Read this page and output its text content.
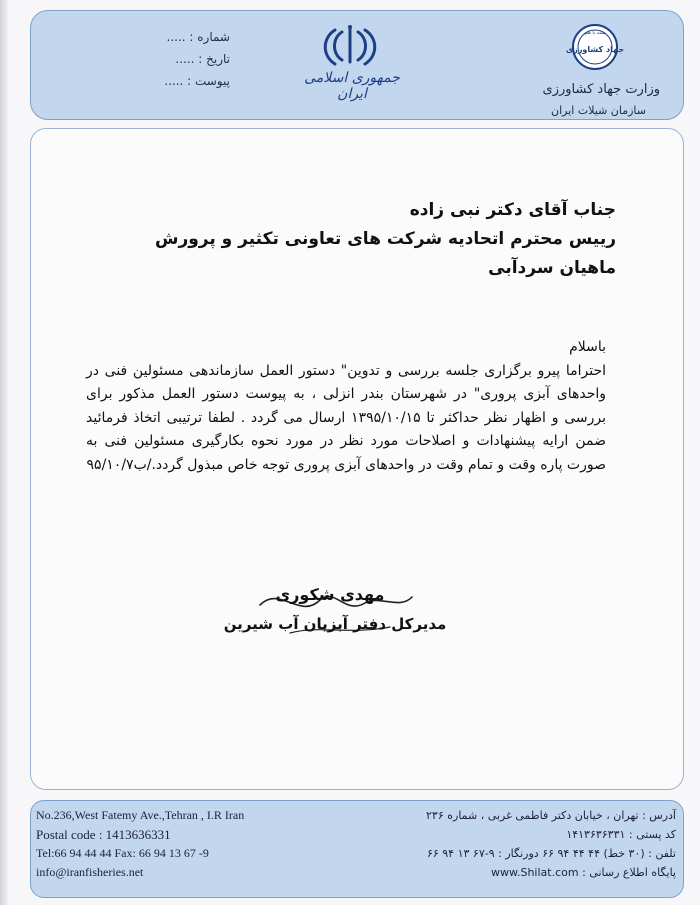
شماره : .....
تاریخ : .....
پیوست : .....	جمهوری اسلامی ایران
همه با هم
جهاد کشاورزی
وزارت جهاد کشاورزی
سازمان شیلات ایران
جناب آقای دکتر نبی زاده
رییس محترم اتحادیه شرکت های تعاونی تکثیر و پرورش
ماهیان سردآبی

باسلام

احتراما پیرو برگزاری جلسه بررسی و تدوین" دستور العمل سازماندهی مسئولین فنی در واحدهای آبزی پروری" در شهرستان بندر انزلی ، به پیوست دستور العمل مذکور برای بررسی و اظهار نظر حداکثر تا ۱۳۹۵/۱۰/۱۵ ارسال می گردد . لطفا ترتیبی اتخاذ فرمائید ضمن ارایه پیشنهادات و اصلاحات مورد نظر در مورد نحوه بکارگیری مسئولین فنی به صورت پاره وقت و تمام وقت در واحدهای آبزی پروری توجه خاص مبذول گردد./ب۹۵/۱۰/۷

مهدی شکوری
مدیرکل دفتر آبزیان آب شیرین
No.236,West Fatemy Ave.,Tehran , I.R Iran
Postal code : 1413636331
Tel:66 94 44 44 Fax: 66 94 13 67 -9
info@iranfisheries.net
آدرس : تهران ، خیابان دکتر فاطمی غربی ، شماره ۲۳۶
کد پستی : ۱۴۱۳۶۳۶۳۳۱
تلفن : (۳۰ خط) ۴۴ ۴۴ ۹۴ ۶۶ دورنگار : ۹-۶۷ ۱۳ ۹۴ ۶۶
پایگاه اطلاع رسانی : www.Shilat.com
